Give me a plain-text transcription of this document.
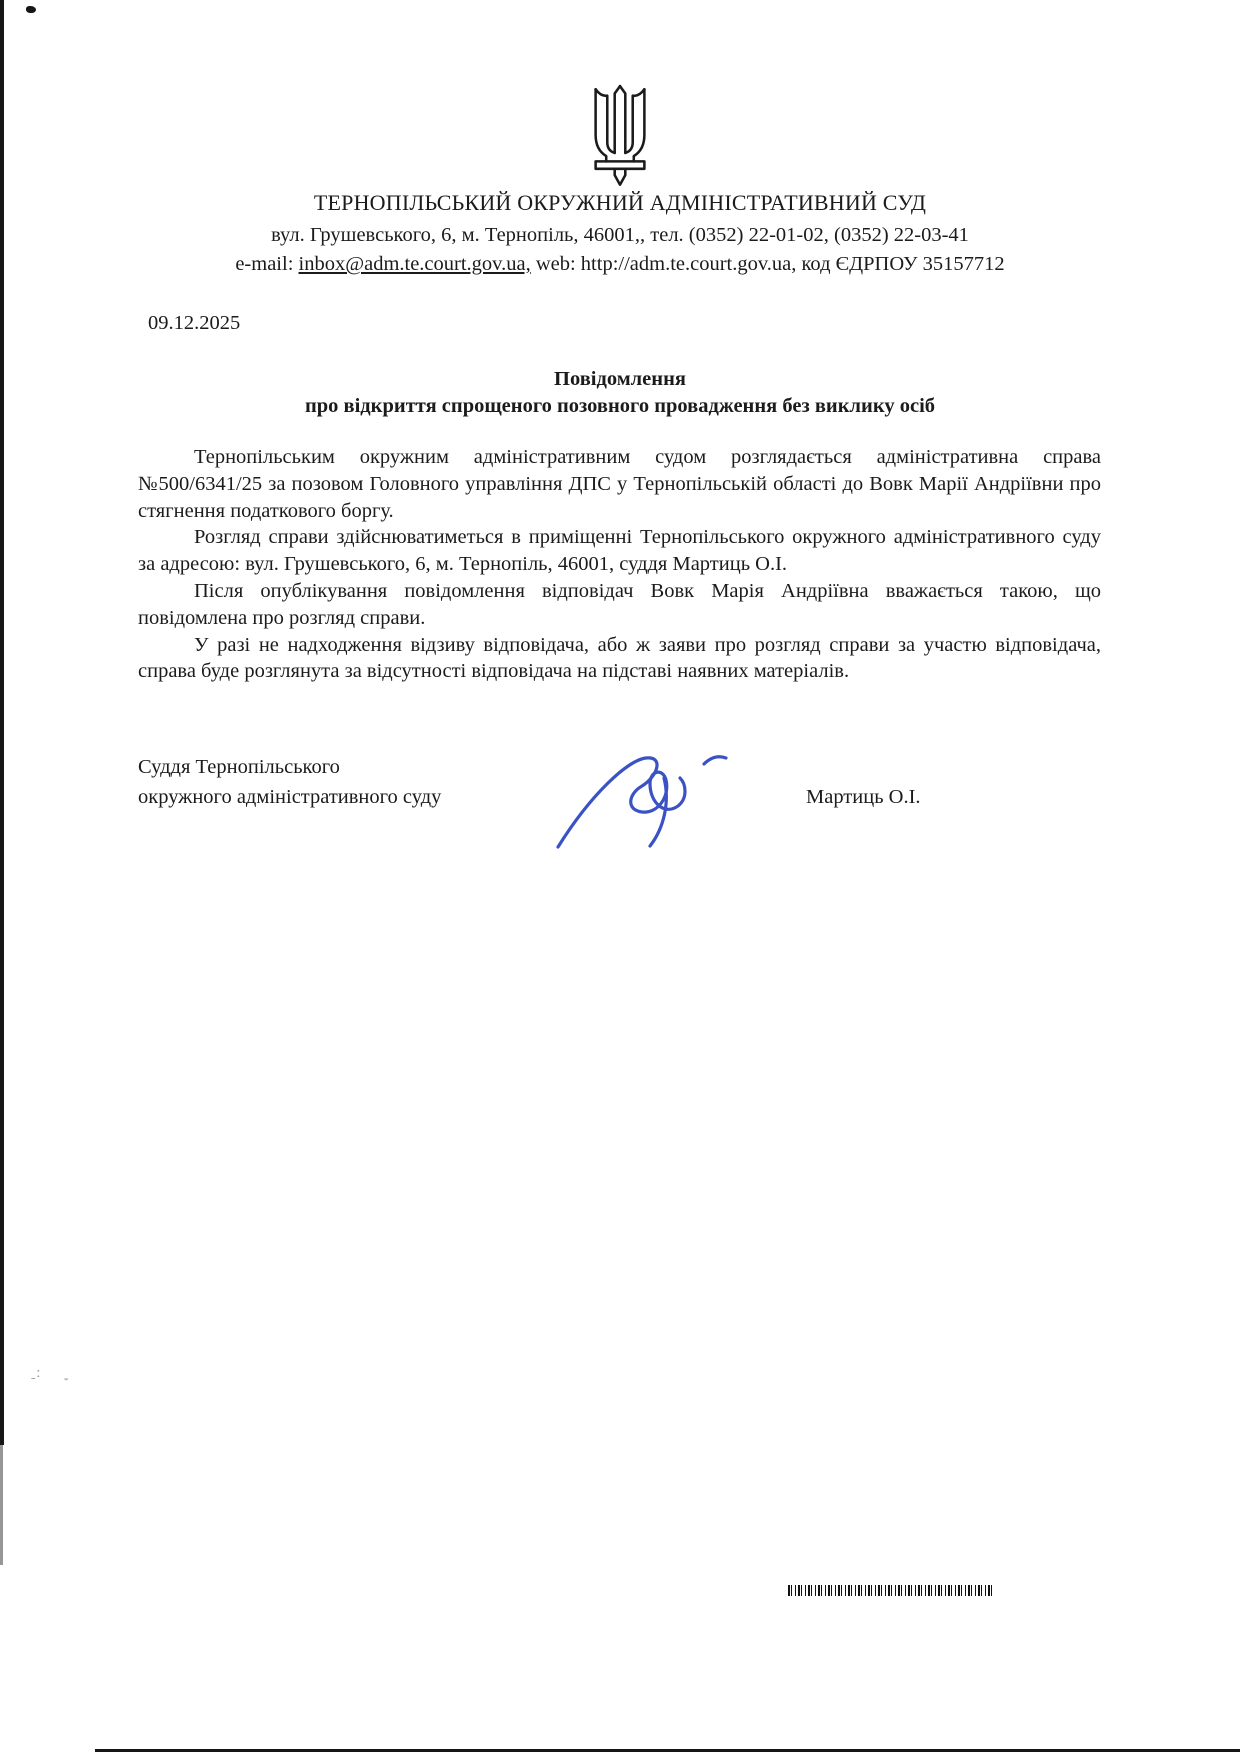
ТЕРНОПІЛЬСЬКИЙ ОКРУЖНИЙ АДМІНІСТРАТИВНИЙ СУД
вул. Грушевського, 6, м. Тернопіль, 46001,, тел. (0352) 22-01-02, (0352) 22-03-41
e-mail: inbox@adm.te.court.gov.ua, web: http://adm.te.court.gov.ua, код ЄДРПОУ 35157712
09.12.2025
Повідомлення
про відкриття спрощеного позовного провадження без виклику осіб

Тернопільським окружним адміністративним судом розглядається адміністративна справа №500/6341/25 за позовом Головного управління ДПС у Тернопільській області до Вовк Марії Андріївни про стягнення податкового боргу.

Розгляд справи здійснюватиметься в приміщенні Тернопільського окружного адміністративного суду за адресою: вул. Грушевського, 6, м. Тернопіль, 46001, суддя Мартиць О.І.

Після опублікування повідомлення відповідач Вовк Марія Андріївна вважається такою, що повідомлена про розгляд справи.

У разі не надходження відзиву відповідача, або ж заяви про розгляд справи за участю відповідача, справа буде розглянута за відсутності відповідача на підставі наявних матеріалів.

Суддя Тернопільського
окружного адміністративного суду	Мартиць О.І.
ˍː
